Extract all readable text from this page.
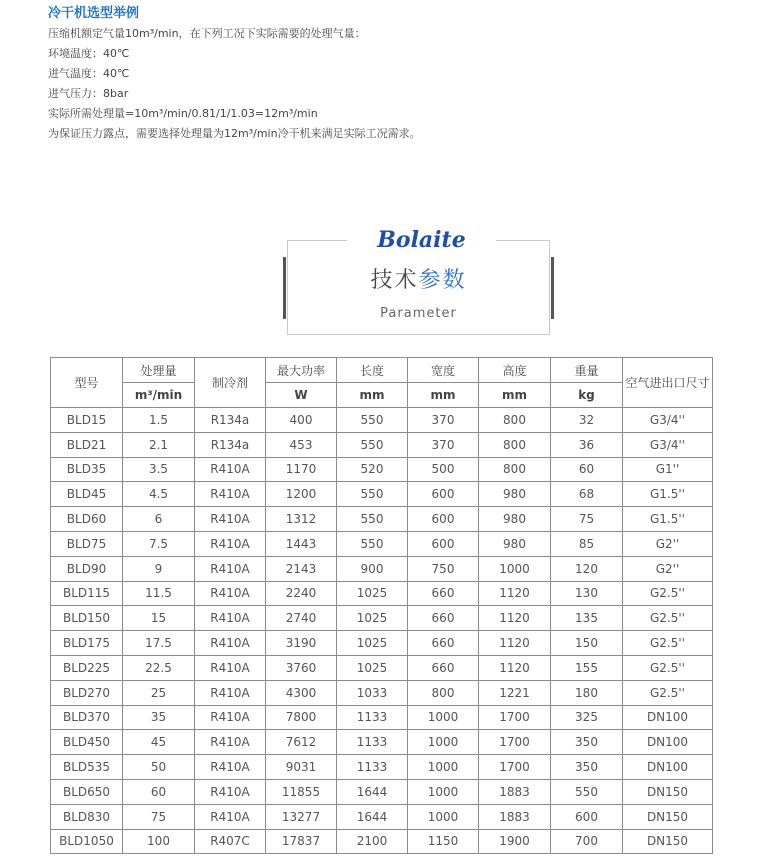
冷干机选型举例
压缩机额定气量10m³/min，在下列工况下实际需要的处理气量：
环境温度：40℃
进气温度：40℃
进气压力：8bar
实际所需处理量=10m³/min/0.81/1/1.03=12m³/min
为保证压力露点，需要选择处理量为12m³/min冷干机来满足实际工况需求。
Bolaite
技术参数
Parameter
型号	处理量	制冷剂	最大功率	长度	宽度	高度	重量	空气进出口尺寸
	m³/min		W	mm	mm	mm	kg	
BLD15	1.5	R134a	400	550	370	800	32	G3/4''
BLD21	2.1	R134a	453	550	370	800	36	G3/4''
BLD35	3.5	R410A	1170	520	500	800	60	G1''
BLD45	4.5	R410A	1200	550	600	980	68	G1.5''
BLD60	6	R410A	1312	550	600	980	75	G1.5''
BLD75	7.5	R410A	1443	550	600	980	85	G2''
BLD90	9	R410A	2143	900	750	1000	120	G2''
BLD115	11.5	R410A	2240	1025	660	1120	130	G2.5''
BLD150	15	R410A	2740	1025	660	1120	135	G2.5''
BLD175	17.5	R410A	3190	1025	660	1120	150	G2.5''
BLD225	22.5	R410A	3760	1025	660	1120	155	G2.5''
BLD270	25	R410A	4300	1033	800	1221	180	G2.5''
BLD370	35	R410A	7800	1133	1000	1700	325	DN100
BLD450	45	R410A	7612	1133	1000	1700	350	DN100
BLD535	50	R410A	9031	1133	1000	1700	350	DN100
BLD650	60	R410A	11855	1644	1000	1883	550	DN150
BLD830	75	R410A	13277	1644	1000	1883	600	DN150
BLD1050	100	R407C	17837	2100	1150	1900	700	DN150
